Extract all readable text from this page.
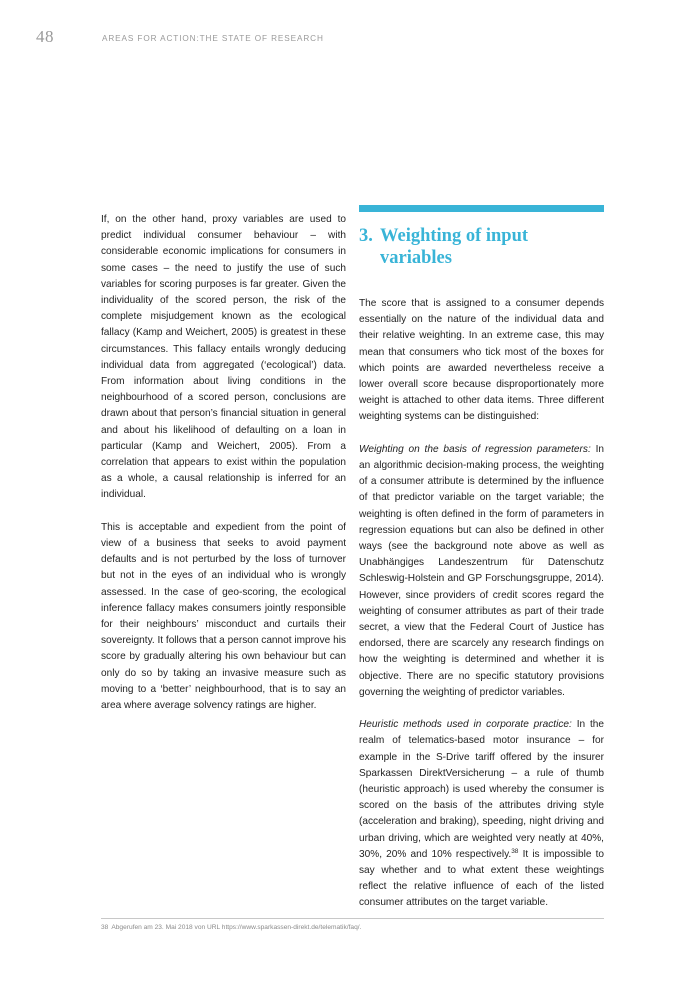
48	AREAS FOR ACTION:THE STATE OF RESEARCH

If, on the other hand, proxy variables are used to predict individual consumer behaviour – with considerable economic implications for consumers in some cases – the need to justify the use of such variables for scoring purposes is far greater. Given the individuality of the scored person, the risk of the complete misjudgement known as the ecological fallacy (Kamp and Weichert, 2005) is greatest in these circumstances. This fallacy entails wrongly deducing individual data from aggregated (‘ecological’) data. From information about living conditions in the neighbourhood of a scored person, conclusions are drawn about that person’s financial situation in general and about his likelihood of defaulting on a loan in particular (Kamp and Weichert, 2005). From a correlation that appears to exist within the population as a whole, a causal relationship is inferred for an individual.

This is acceptable and expedient from the point of view of a business that seeks to avoid payment defaults and is not perturbed by the loss of turnover but not in the eyes of an individual who is wrongly assessed. In the case of geo-scoring, the ecological inference fallacy makes consumers jointly responsible for their neighbours’ misconduct and curtails their sovereignty. It follows that a person cannot improve his score by gradually altering his own behaviour but can only do so by taking an invasive measure such as moving to a ‘better’ neighbourhood, that is to say an area where average solvency ratings are higher.

3. Weighting of input variables

The score that is assigned to a consumer depends essentially on the nature of the individual data and their relative weighting. In an extreme case, this may mean that consumers who tick most of the boxes for which points are awarded nevertheless receive a lower overall score because disproportionately more weight is attached to other data items. Three different weighting systems can be distinguished:

Weighting on the basis of regression parameters: In an algorithmic decision-making process, the weighting of a consumer attribute is determined by the influence of that predictor variable on the target variable; the weighting is often defined in the form of parameters in regression equations but can also be defined in other ways (see the background note above as well as Unabhängiges Landeszentrum für Datenschutz Schleswig-Holstein and GP Forschungsgruppe, 2014). However, since providers of credit scores regard the weighting of consumer attributes as part of their trade secret, a view that the Federal Court of Justice has endorsed, there are scarcely any research findings on how the weighting is determined and whether it is objective. There are no specific statutory provisions governing the weighting of predictor variables.

Heuristic methods used in corporate practice: In the realm of telematics-based motor insurance – for example in the S-Drive tariff offered by the insurer Sparkassen DirektVersicherung – a rule of thumb (heuristic approach) is used whereby the consumer is scored on the basis of the attributes driving style (acceleration and braking), speeding, night driving and urban driving, which are weighted very neatly at 40%, 30%, 20% and 10% respectively.$^{38}$ It is impossible to say whether and to what extent these weightings reflect the relative influence of each of the listed consumer attributes on the target variable.

38 Abgerufen am 23. Mai 2018 von URL https://www.sparkassen-direkt.de/telematik/faq/.
